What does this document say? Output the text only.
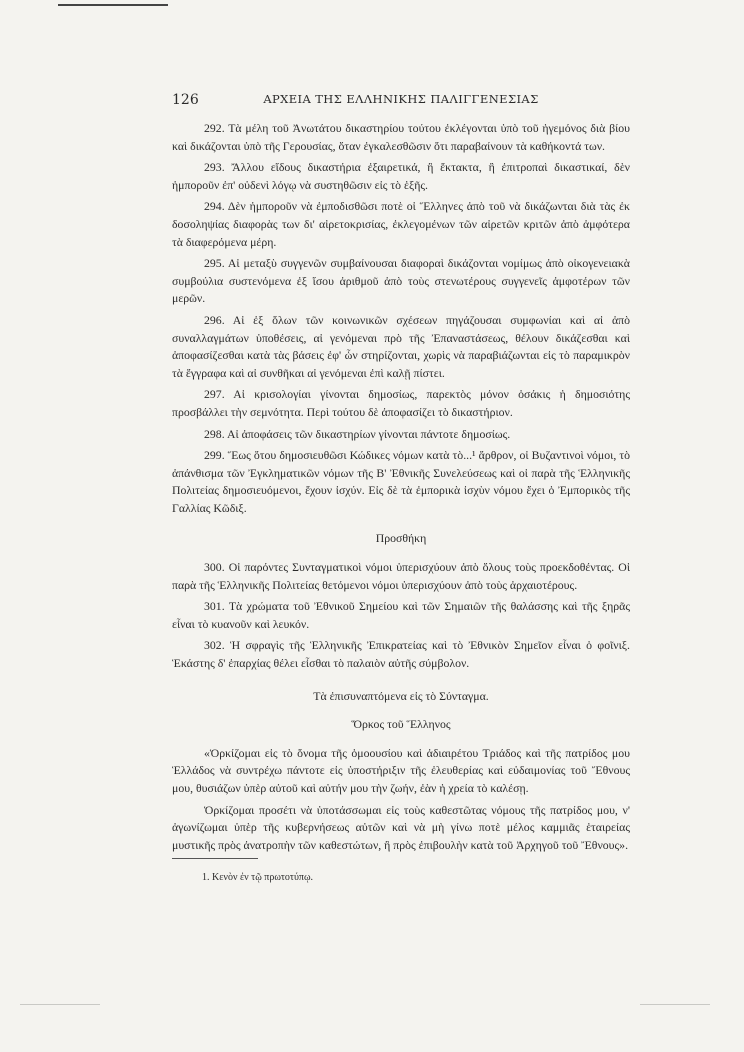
126	ΑΡΧΕΙΑ ΤΗΣ ΕΛΛΗΝΙΚΗΣ ΠΑΛΙΓΓΕΝΕΣΙΑΣ

292. Τὰ μέλη τοῦ Ἀνωτάτου δικαστηρίου τούτου ἐκλέγονται ὑπὸ τοῦ ἡγεμόνος διὰ βίου καὶ δικάζονται ὑπὸ τῆς Γερουσίας, ὅταν ἐγκαλεσθῶσιν ὅτι παραβαίνουν τὰ καθήκοντά των.

293. Ἄλλου εἴδους δικαστήρια ἐξαιρετικά, ἢ ἔκτακτα, ἢ ἐπιτροπαὶ δικαστικαί, δὲν ἠμποροῦν ἐπ' οὐδενὶ λόγῳ νὰ συστηθῶσιν εἰς τὸ ἑξῆς.

294. Δὲν ἠμποροῦν νὰ ἐμποδισθῶσι ποτὲ οἱ Ἕλληνες ἀπὸ τοῦ νὰ δικάζωνται διὰ τὰς ἐκ δοσοληψίας διαφορὰς των δι' αἱρετοκρισίας, ἐκλεγομένων τῶν αἱρετῶν κριτῶν ἀπὸ ἀμφότερα τὰ διαφερόμενα μέρη.

295. Αἱ μεταξὺ συγγενῶν συμβαίνουσαι διαφοραὶ δικάζονται νομίμως ἀπὸ οἰκογενειακὰ συμβούλια συστενόμενα ἐξ ἴσου ἀριθμοῦ ἀπὸ τοὺς στενωτέρους συγγενεῖς ἀμφοτέρων τῶν μερῶν.

296. Αἱ ἐξ ὅλων τῶν κοινωνικῶν σχέσεων πηγάζουσαι συμφωνίαι καὶ αἱ ἀπὸ συναλλαγμάτων ὑποθέσεις, αἱ γενόμεναι πρὸ τῆς Ἐπαναστάσεως, θέλουν δικάζεσθαι καὶ ἀποφασίζεσθαι κατὰ τὰς βάσεις ἐφ' ὧν στηρίζονται, χωρὶς νὰ παραβιάζωνται εἰς τὸ παραμικρὸν τὰ ἔγγραφα καὶ αἱ συνθῆκαι αἱ γενόμεναι ἐπὶ καλῇ πίστει.

297. Αἱ κρισολογίαι γίνονται δημοσίως, παρεκτὸς μόνον ὁσάκις ἡ δημοσιότης προσβάλλει τὴν σεμνότητα. Περὶ τούτου δὲ ἀποφασίζει τὸ δικαστήριον.

298. Αἱ ἀποφάσεις τῶν δικαστηρίων γίνονται πάντοτε δημοσίως.

299. Ἕως ὅτου δημοσιευθῶσι Κώδικες νόμων κατὰ τὸ...¹ ἄρθρον, οἱ Βυζαντινοὶ νόμοι, τὸ ἀπάνθισμα τῶν Ἐγκληματικῶν νόμων τῆς Β' Ἐθνικῆς Συνελεύσεως καὶ οἱ παρὰ τῆς Ἑλληνικῆς Πολιτείας δημοσιευόμενοι, ἔχουν ἰσχύν. Εἰς δὲ τὰ ἐμπορικὰ ἰσχὺν νόμου ἔχει ὁ Ἐμπορικὸς τῆς Γαλλίας Κῶδιξ.

Προσθήκη

300. Οἱ παρόντες Συνταγματικοὶ νόμοι ὑπερισχύουν ἀπὸ ὅλους τοὺς προεκδοθέντας. Οἱ παρὰ τῆς Ἑλληνικῆς Πολιτείας θετόμενοι νόμοι ὑπερισχύουν ἀπὸ τοὺς ἀρχαιοτέρους.

301. Τὰ χρώματα τοῦ Ἐθνικοῦ Σημείου καὶ τῶν Σημαιῶν τῆς θαλάσσης καὶ τῆς ξηρᾶς εἶναι τὸ κυανοῦν καὶ λευκόν.

302. Ἡ σφραγὶς τῆς Ἑλληνικῆς Ἐπικρατείας καὶ τὸ Ἐθνικὸν Σημεῖον εἶναι ὁ φοῖνιξ. Ἑκάστης δ' ἐπαρχίας θέλει εἶσθαι τὸ παλαιὸν αὐτῆς σύμβολον.

Τὰ ἐπισυναπτόμενα εἰς τὸ Σύνταγμα.
Ὅρκος τοῦ Ἕλληνος

«Ὁρκίζομαι εἰς τὸ ὄνομα τῆς ὁμοουσίου καὶ ἀδιαιρέτου Τριάδος καὶ τῆς πατρίδος μου Ἑλλάδος νὰ συντρέχω πάντοτε εἰς ὑποστήριξιν τῆς ἐλευθερίας καὶ εὐδαιμονίας τοῦ Ἔθνους μου, θυσιάζων ὑπὲρ αὐτοῦ καὶ αὐτήν μου τὴν ζωήν, ἐὰν ἡ χρεία τὸ καλέσῃ.

Ὁρκίζομαι προσέτι νὰ ὑποτάσσωμαι εἰς τοὺς καθεστῶτας νόμους τῆς πατρίδος μου, ν' ἀγωνίζωμαι ὑπὲρ τῆς κυβερνήσεως αὐτῶν καὶ νὰ μὴ γίνω ποτὲ μέλος καμμιᾶς ἑταιρείας μυστικῆς πρὸς ἀνατροπὴν τῶν καθεστώτων, ἢ πρὸς ἐπιβουλὴν κατὰ τοῦ Ἀρχηγοῦ τοῦ Ἔθνους».

1. Κενὸν ἐν τῷ πρωτοτύπῳ.
